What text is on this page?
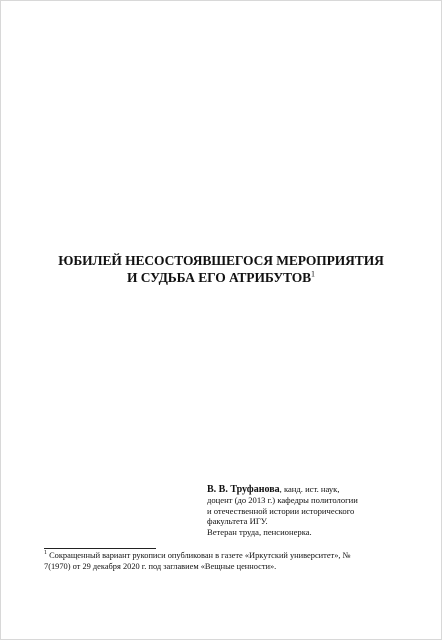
ЮБИЛЕЙ НЕСОСТОЯВШЕГОСЯ МЕРОПРИЯТИЯ
И СУДЬБА ЕГО АТРИБУТОВ$^1$
В. В. Труфанова, канд. ист. наук,
доцент (до 2013 г.) кафедры политологии
и отечественной истории исторического
факультета ИГУ.
Ветеран труда, пенсионерка.
$^1$ Сокращенный вариант рукописи опубликован в газете «Иркутский университет», №
7(1970) от 29 декабря 2020 г. под заглавием «Вещные ценности».
